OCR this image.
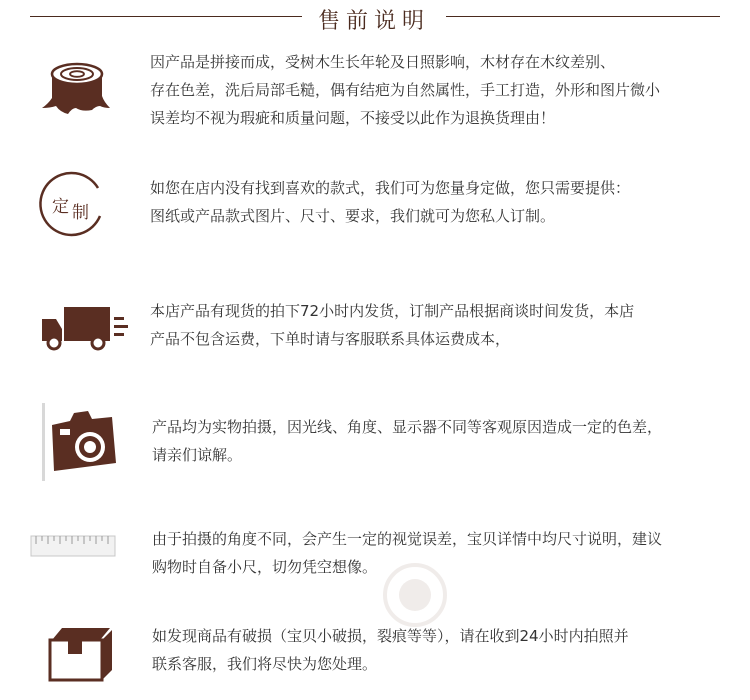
售前说明
因产品是拼接而成，受树木生长年轮及日照影响，木材存在木纹差别、
存在色差，洗后局部毛糙，偶有结疤为自然属性，手工打造，外形和图片微小
误差均不视为瑕疵和质量问题，不接受以此作为退换货理由！
定 制
如您在店内没有找到喜欢的款式，我们可为您量身定做，您只需要提供：
图纸或产品款式图片、尺寸、要求，我们就可为您私人订制。
本店产品有现货的拍下72小时内发货，订制产品根据商谈时间发货，本店
产品不包含运费，下单时请与客服联系具体运费成本，
产品均为实物拍摄，因光线、角度、显示器不同等客观原因造成一定的色差，
请亲们谅解。
由于拍摄的角度不同，会产生一定的视觉误差，宝贝详情中均尺寸说明，建议
购物时自备小尺，切勿凭空想像。
如发现商品有破损（宝贝小破损，裂痕等等），请在收到24小时内拍照并
联系客服，我们将尽快为您处理。
